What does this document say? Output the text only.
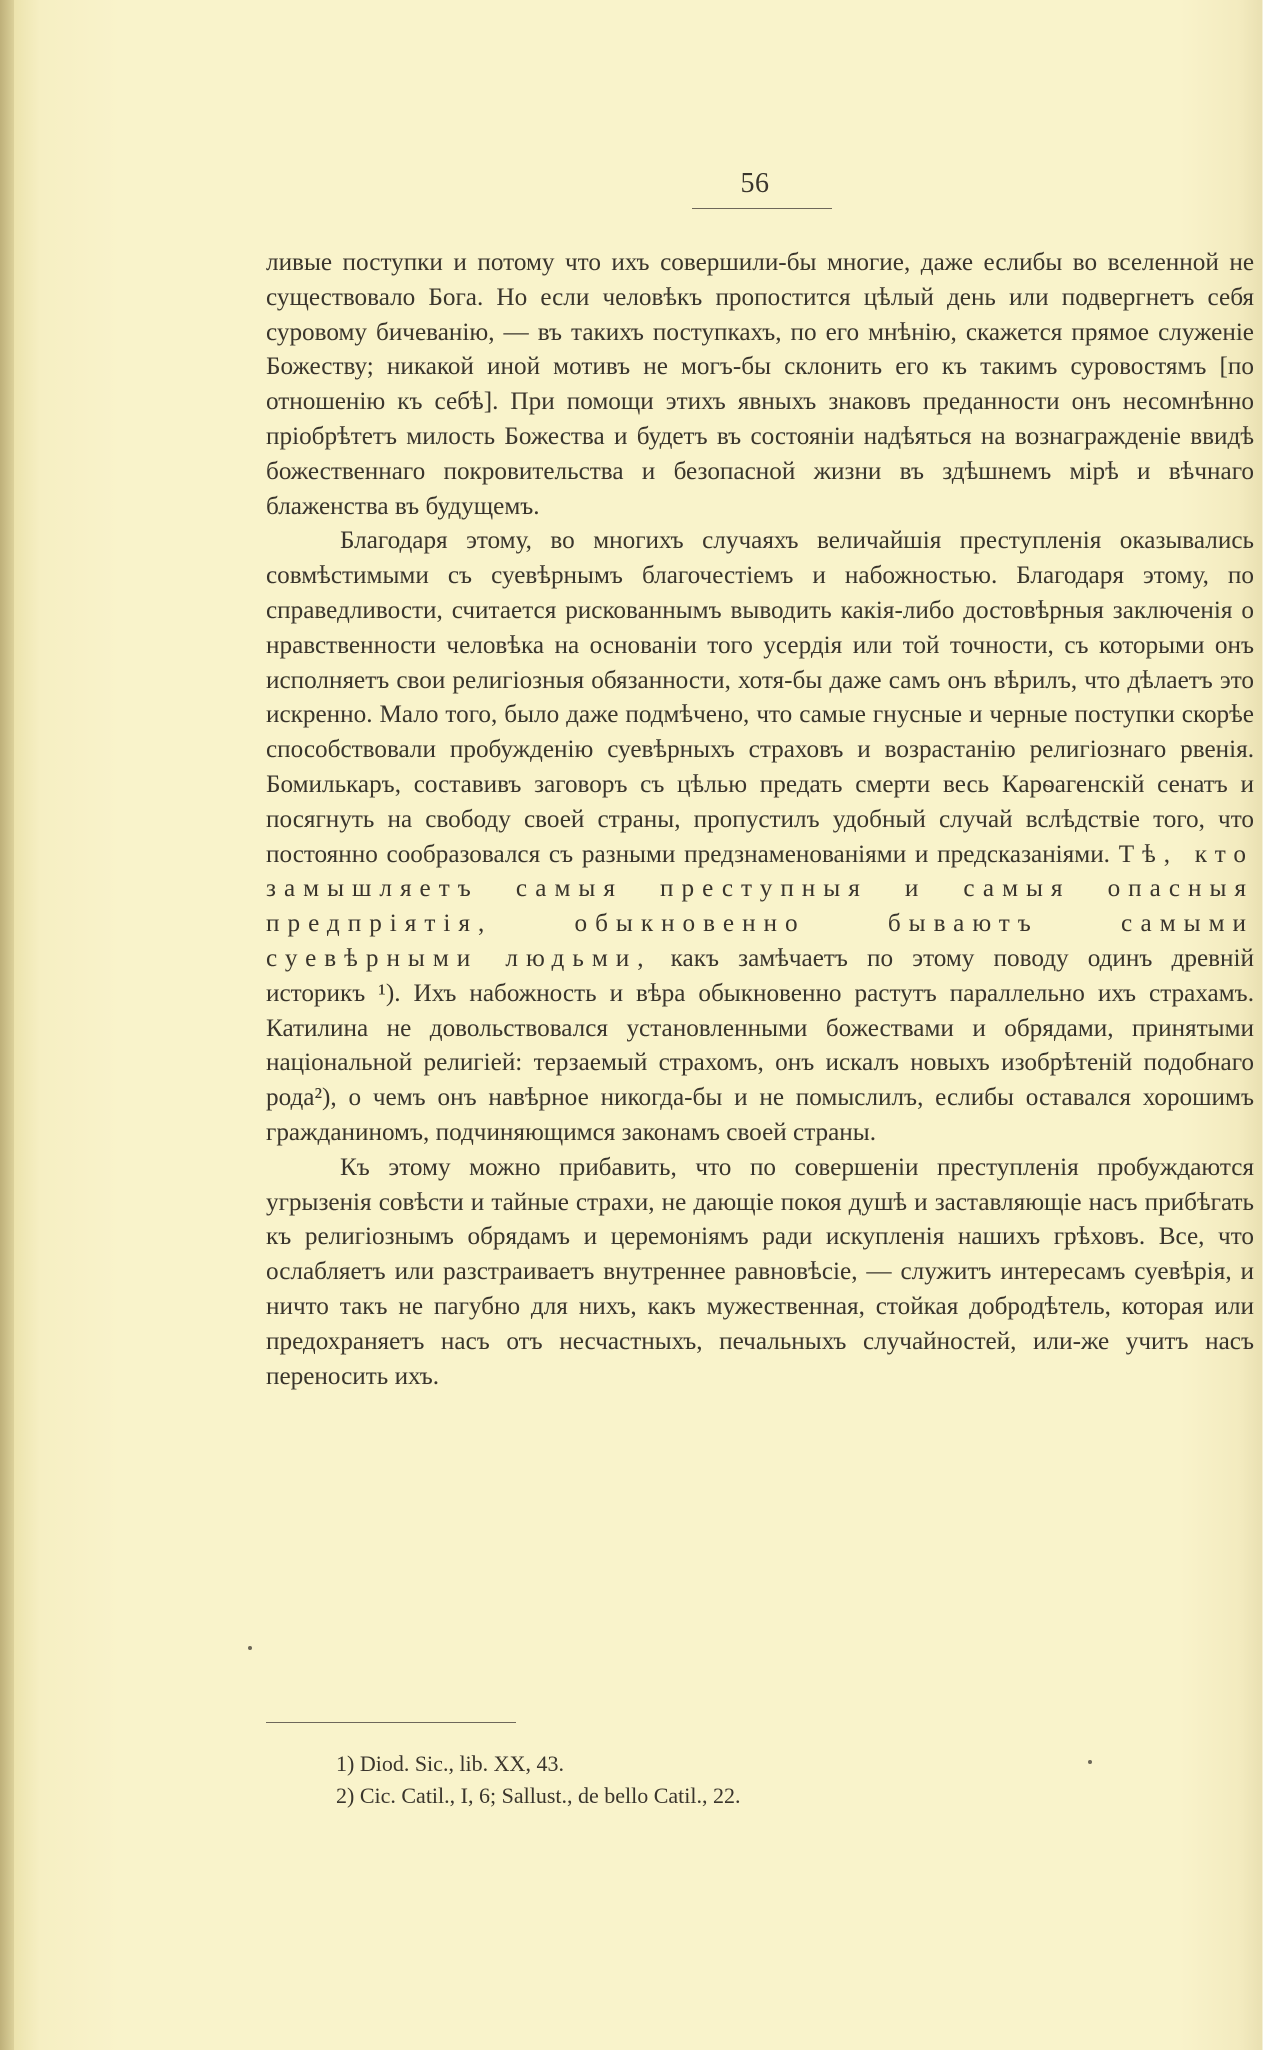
56

ливые поступки и потому что ихъ совершили-бы многие, даже еслибы во вселенной не существовало Бога. Но если человѣкъ пропостится цѣлый день или подвергнетъ себя суровому бичеванію, — въ такихъ поступкахъ, по его мнѣнію, скажется прямое служеніе Божеству; никакой иной мотивъ не могъ-бы склонить его къ такимъ суровостямъ [по отношенію къ себѣ]. При помощи этихъ явныхъ знаковъ преданности онъ несомнѣнно пріобрѣтетъ милость Божества и будетъ въ состояніи надѣяться на вознагражденіе ввидѣ божественнаго покровительства и безопасной жизни въ здѣшнемъ мірѣ и вѣчнаго блаженства въ будущемъ.

Благодаря этому, во многихъ случаяхъ величайшія преступленія оказывались совмѣстимыми съ суевѣрнымъ благочестіемъ и набожностью. Благодаря этому, по справедливости, считается рискованнымъ выводить какія-либо достовѣрныя заключенія о нравственности человѣка на основаніи того усердія или той точности, съ которыми онъ исполняетъ свои религіозныя обязанности, хотя-бы даже самъ онъ вѣрилъ, что дѣлаетъ это искренно. Мало того, было даже подмѣчено, что самые гнусные и черные поступки скорѣе способствовали пробужденію суевѣрныхъ страховъ и возрастанію религіознаго рвенія. Бомилькаръ, составивъ заговоръ съ цѣлью предать смерти весь Карѳагенскій сенатъ и посягнуть на свободу своей страны, пропустилъ удобный случай вслѣдствіе того, что постоянно сообразовался съ разными предзнаменованіями и предсказаніями. Тѣ, кто замышляетъ самыя преступныя и самыя опасныя предпріятія, обыкновенно бываютъ самыми суевѣрными людьми, какъ замѣчаетъ по этому поводу одинъ древній историкъ ¹). Ихъ набожность и вѣра обыкновенно растутъ параллельно ихъ страхамъ. Катилина не довольствовался установленными божествами и обрядами, принятыми національной религіей: терзаемый страхомъ, онъ искалъ новыхъ изобрѣтеній подобнаго рода²), о чемъ онъ навѣрное никогда-бы и не помыслилъ, еслибы оставался хорошимъ гражданиномъ, подчиняющимся законамъ своей страны.

Къ этому можно прибавить, что по совершеніи преступленія пробуждаются угрызенія совѣсти и тайные страхи, не дающіе покоя душѣ и заставляющіе насъ прибѣгать къ религіознымъ обрядамъ и церемоніямъ ради искупленія нашихъ грѣховъ. Все, что ослабляетъ или разстраиваетъ внутреннее равновѣсіе, — служитъ интересамъ суевѣрія, и ничто такъ не пагубно для нихъ, какъ мужественная, стойкая добродѣтель, которая или предохраняетъ насъ отъ несчастныхъ, печальныхъ случайностей, или-же учитъ насъ переносить ихъ.

1) Diod. Sic., lib. XX, 43.

2) Cic. Catil., I, 6; Sallust., de bello Catil., 22.
